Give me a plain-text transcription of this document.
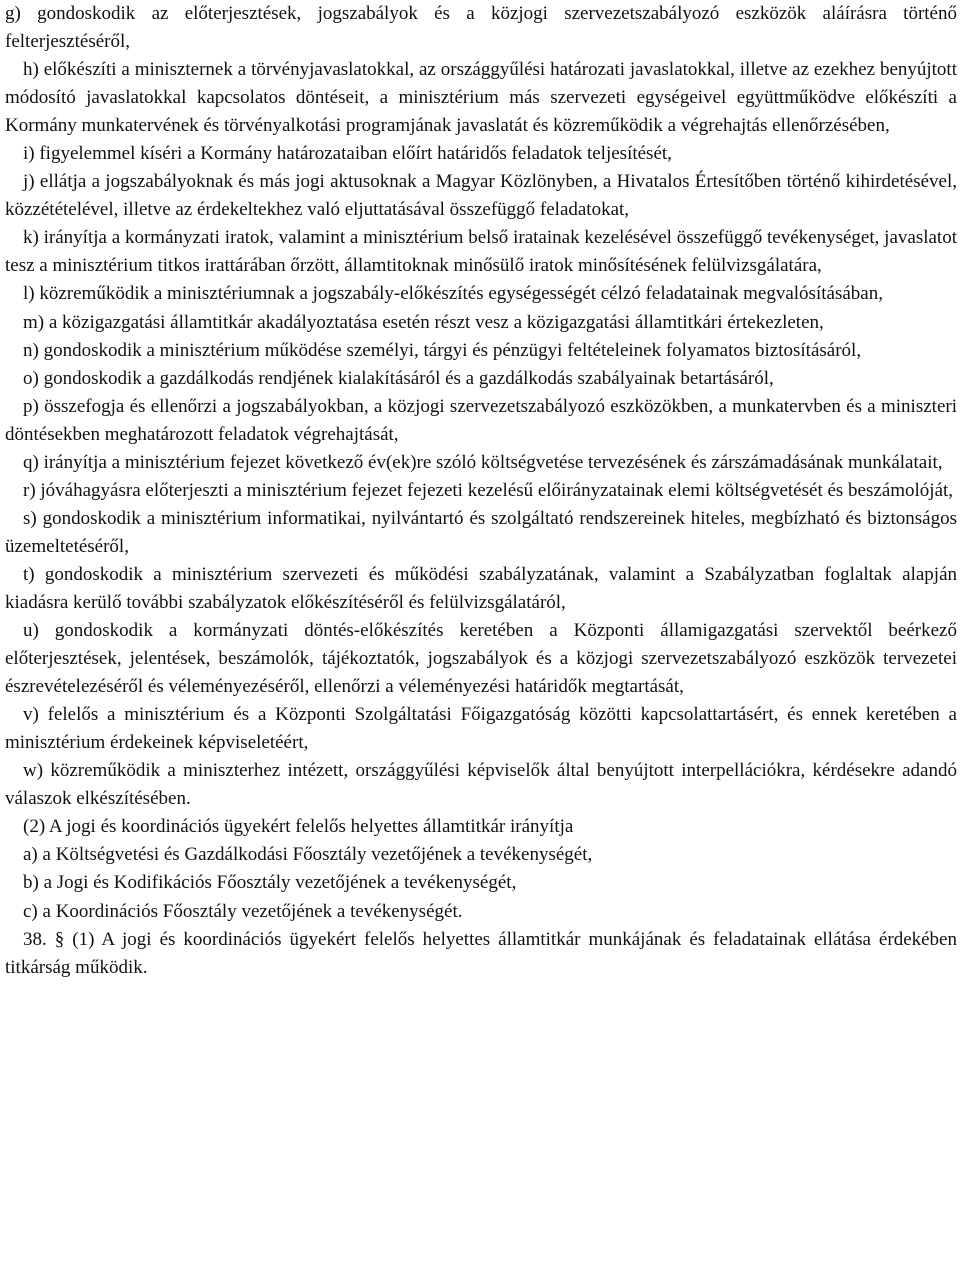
g) gondoskodik az előterjesztések, jogszabályok és a közjogi szervezetszabályozó eszközök aláírásra történő felterjesztéséről,

h) előkészíti a miniszternek a törvényjavaslatokkal, az országgyűlési határozati javaslatokkal, illetve az ezekhez benyújtott módosító javaslatokkal kapcsolatos döntéseit, a minisztérium más szervezeti egységeivel együttműködve előkészíti a Kormány munkatervének és törvényalkotási programjának javaslatát és közreműködik a végrehajtás ellenőrzésében,

i) figyelemmel kíséri a Kormány határozataiban előírt határidős feladatok teljesítését,

j) ellátja a jogszabályoknak és más jogi aktusoknak a Magyar Közlönyben, a Hivatalos Értesítőben történő kihirdetésével, közzétételével, illetve az érdekeltekhez való eljuttatásával összefüggő feladatokat,

k) irányítja a kormányzati iratok, valamint a minisztérium belső iratainak kezelésével összefüggő tevékenységet, javaslatot tesz a minisztérium titkos irattárában őrzött, államtitoknak minősülő iratok minősítésének felülvizsgálatára,

l) közreműködik a minisztériumnak a jogszabály-előkészítés egységességét célzó feladatainak megvalósításában,

m) a közigazgatási államtitkár akadályoztatása esetén részt vesz a közigazgatási államtitkári értekezleten,

n) gondoskodik a minisztérium működése személyi, tárgyi és pénzügyi feltételeinek folyamatos biztosításáról,

o) gondoskodik a gazdálkodás rendjének kialakításáról és a gazdálkodás szabályainak betartásáról,

p) összefogja és ellenőrzi a jogszabályokban, a közjogi szervezetszabályozó eszközökben, a munkatervben és a miniszteri döntésekben meghatározott feladatok végrehajtását,

q) irányítja a minisztérium fejezet következő év(ek)re szóló költségvetése tervezésének és zárszámadásának munkálatait,

r) jóváhagyásra előterjeszti a minisztérium fejezet fejezeti kezelésű előirányzatainak elemi költségvetését és beszámolóját,

s) gondoskodik a minisztérium informatikai, nyilvántartó és szolgáltató rendszereinek hiteles, megbízható és biztonságos üzemeltetéséről,

t) gondoskodik a minisztérium szervezeti és működési szabályzatának, valamint a Szabályzatban foglaltak alapján kiadásra kerülő további szabályzatok előkészítéséről és felülvizsgálatáról,

u) gondoskodik a kormányzati döntés-előkészítés keretében a Központi államigazgatási szervektől beérkező előterjesztések, jelentések, beszámolók, tájékoztatók, jogszabályok és a közjogi szervezetszabályozó eszközök tervezetei észrevételezéséről és véleményezéséről, ellenőrzi a véleményezési határidők megtartását,

v) felelős a minisztérium és a Központi Szolgáltatási Főigazgatóság közötti kapcsolattartásért, és ennek keretében a minisztérium érdekeinek képviseletéért,

w) közreműködik a miniszterhez intézett, országgyűlési képviselők által benyújtott interpellációkra, kérdésekre adandó válaszok elkészítésében.

(2) A jogi és koordinációs ügyekért felelős helyettes államtitkár irányítja

a) a Költségvetési és Gazdálkodási Főosztály vezetőjének a tevékenységét,

b) a Jogi és Kodifikációs Főosztály vezetőjének a tevékenységét,

c) a Koordinációs Főosztály vezetőjének a tevékenységét.

38. § (1) A jogi és koordinációs ügyekért felelős helyettes államtitkár munkájának és feladatainak ellátása érdekében titkárság működik.
